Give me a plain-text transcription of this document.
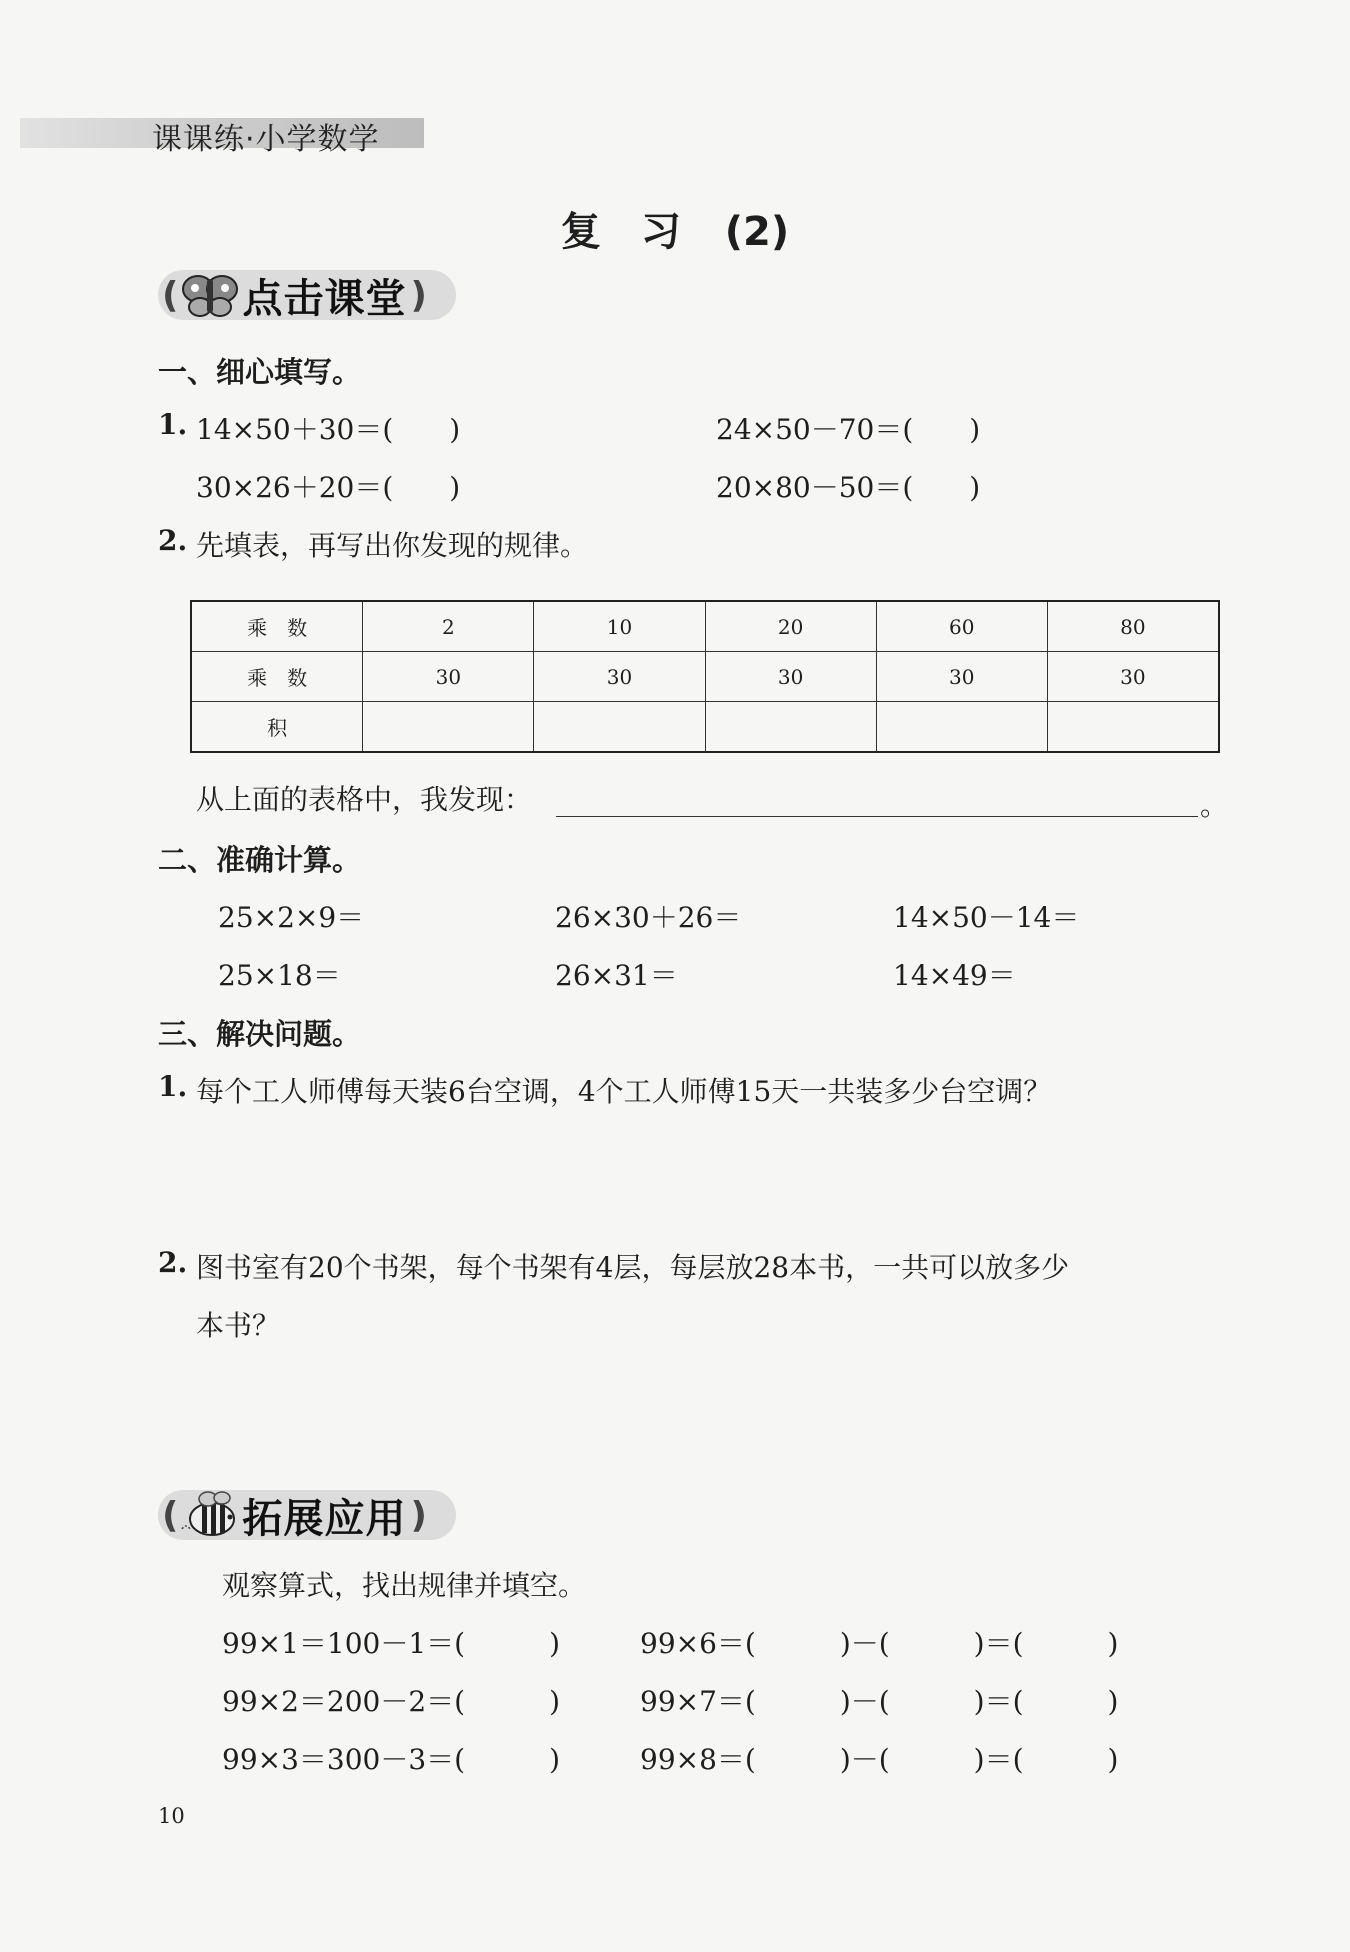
课课练·小学数学
复　习 (2)
( 点击课堂 )
一、细心填写。
1. 14×50＋30＝(　　)	24×50－70＝(　　)
30×26＋20＝(　　)	20×80－50＝(　　)
2. 先填表，再写出你发现的规律。
乘　数	2	10	20	60	80
乘　数	30	30	30	30	30
积					
从上面的表格中，我发现：	。
二、准确计算。
25×2×9＝	26×30＋26＝	14×50－14＝
25×18＝	26×31＝	14×49＝
三、解决问题。
1. 每个工人师傅每天装6台空调，4个工人师傅15天一共装多少台空调？
2. 图书室有20个书架，每个书架有4层，每层放28本书，一共可以放多少
本书？
( 拓展应用 )
观察算式，找出规律并填空。
99×1＝100－1＝(　　　)
99×2＝200－2＝(　　　)
99×3＝300－3＝(　　　)
99×6＝(　　　)－(　　　)＝(　　　)
99×7＝(　　　)－(　　　)＝(　　　)
99×8＝(　　　)－(　　　)＝(　　　)
10
